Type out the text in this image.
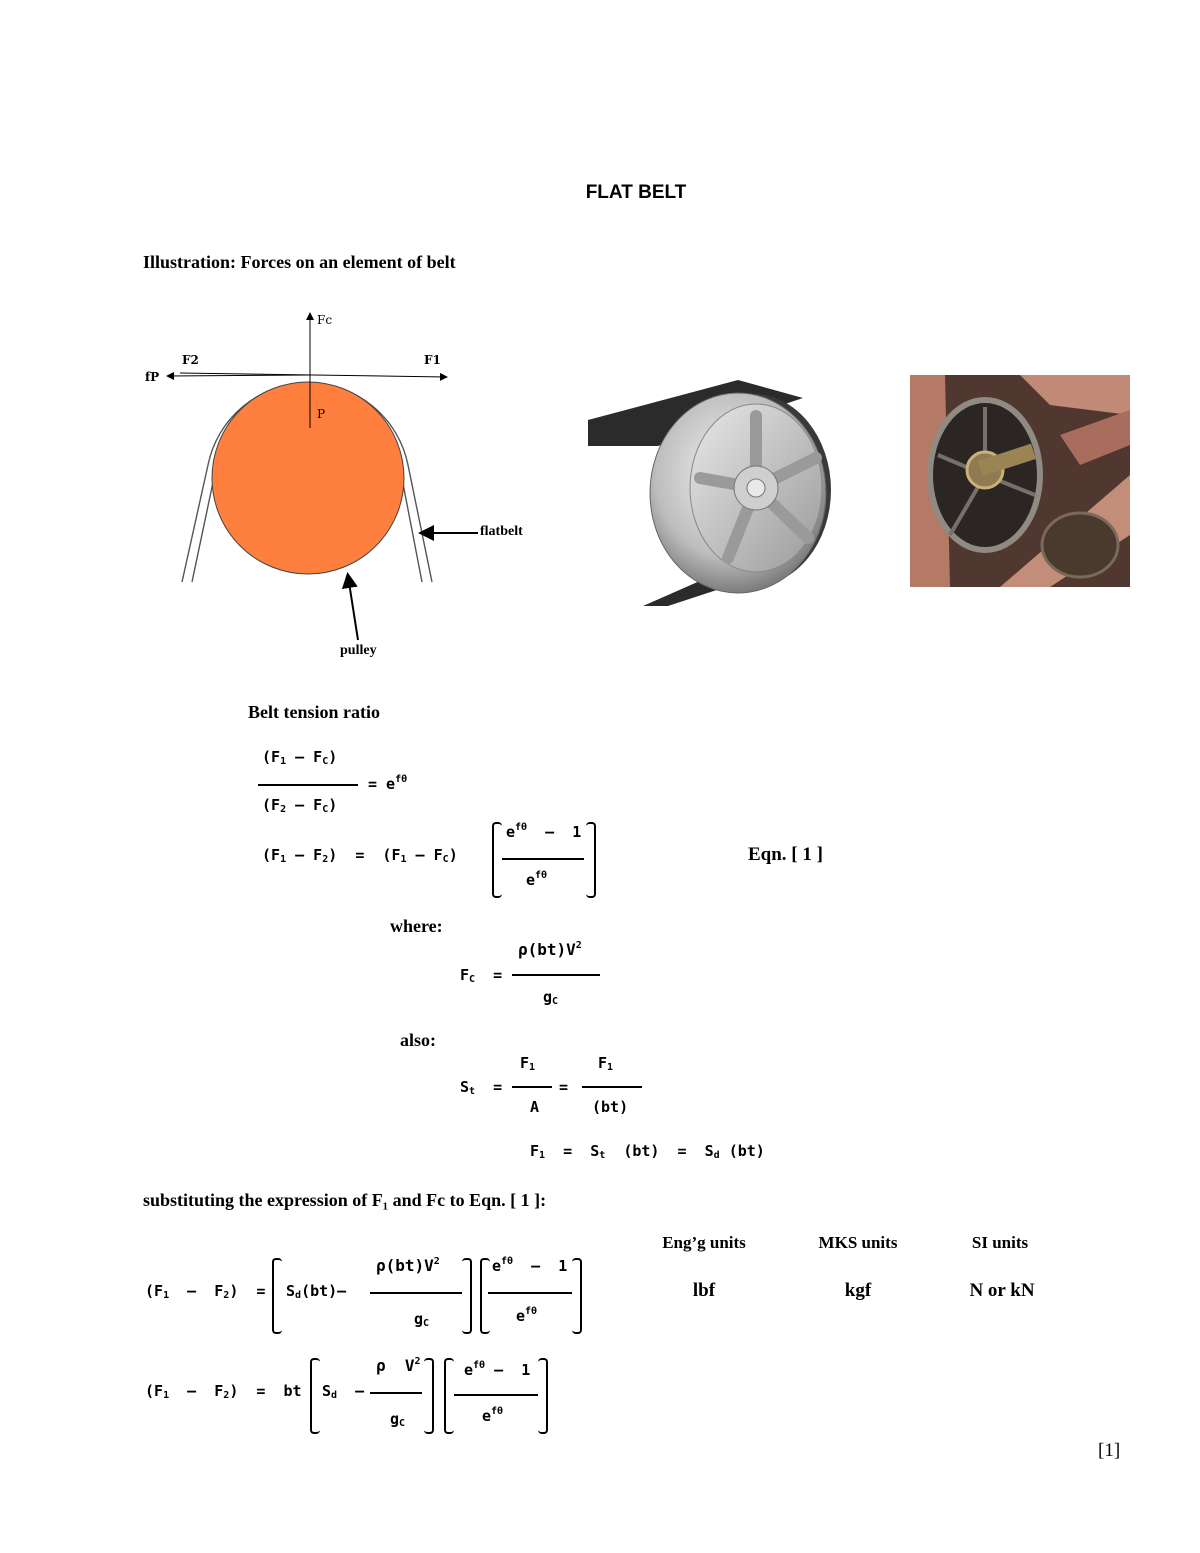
FLAT BELT
Illustration: Forces on an element of belt
Fc
F2	F1
fP
P
flatbelt
pulley
Belt tension ratio
$(F_1 - F_C)$
= $e^{f\theta}$
$(F_2 - F_C)$
$(F_1 - F_2) = (F_1 - F_C)$
$e^{f\theta} - 1$
$e^{f\theta}$
Eqn. [ 1 ]
where:
$\rho(bt)V^2$
$F_C$  =
$g_C$
also:
$F_1$	$F_1$
$S_t$  =	=
A	(bt)
$F_1 = S_t$  $(bt) = S_d$ (bt)
substituting the expression of F₁ and Fc to Eqn. [ 1 ]:
Eng’g units	MKS units	SI units
lbf	kgf	N or kN
$(F_1 - F_2) = S_d(bt)-$
$\rho(bt)V^2$
$g_C$
$e^{f\theta} - 1$
$e^{f\theta}$
$(F_1 - F_2)$  =  bt $S_d$  –
ρ  $V^2$
$g_C$
$e^{f\theta} - 1$
$e^{f\theta}$
[1]
